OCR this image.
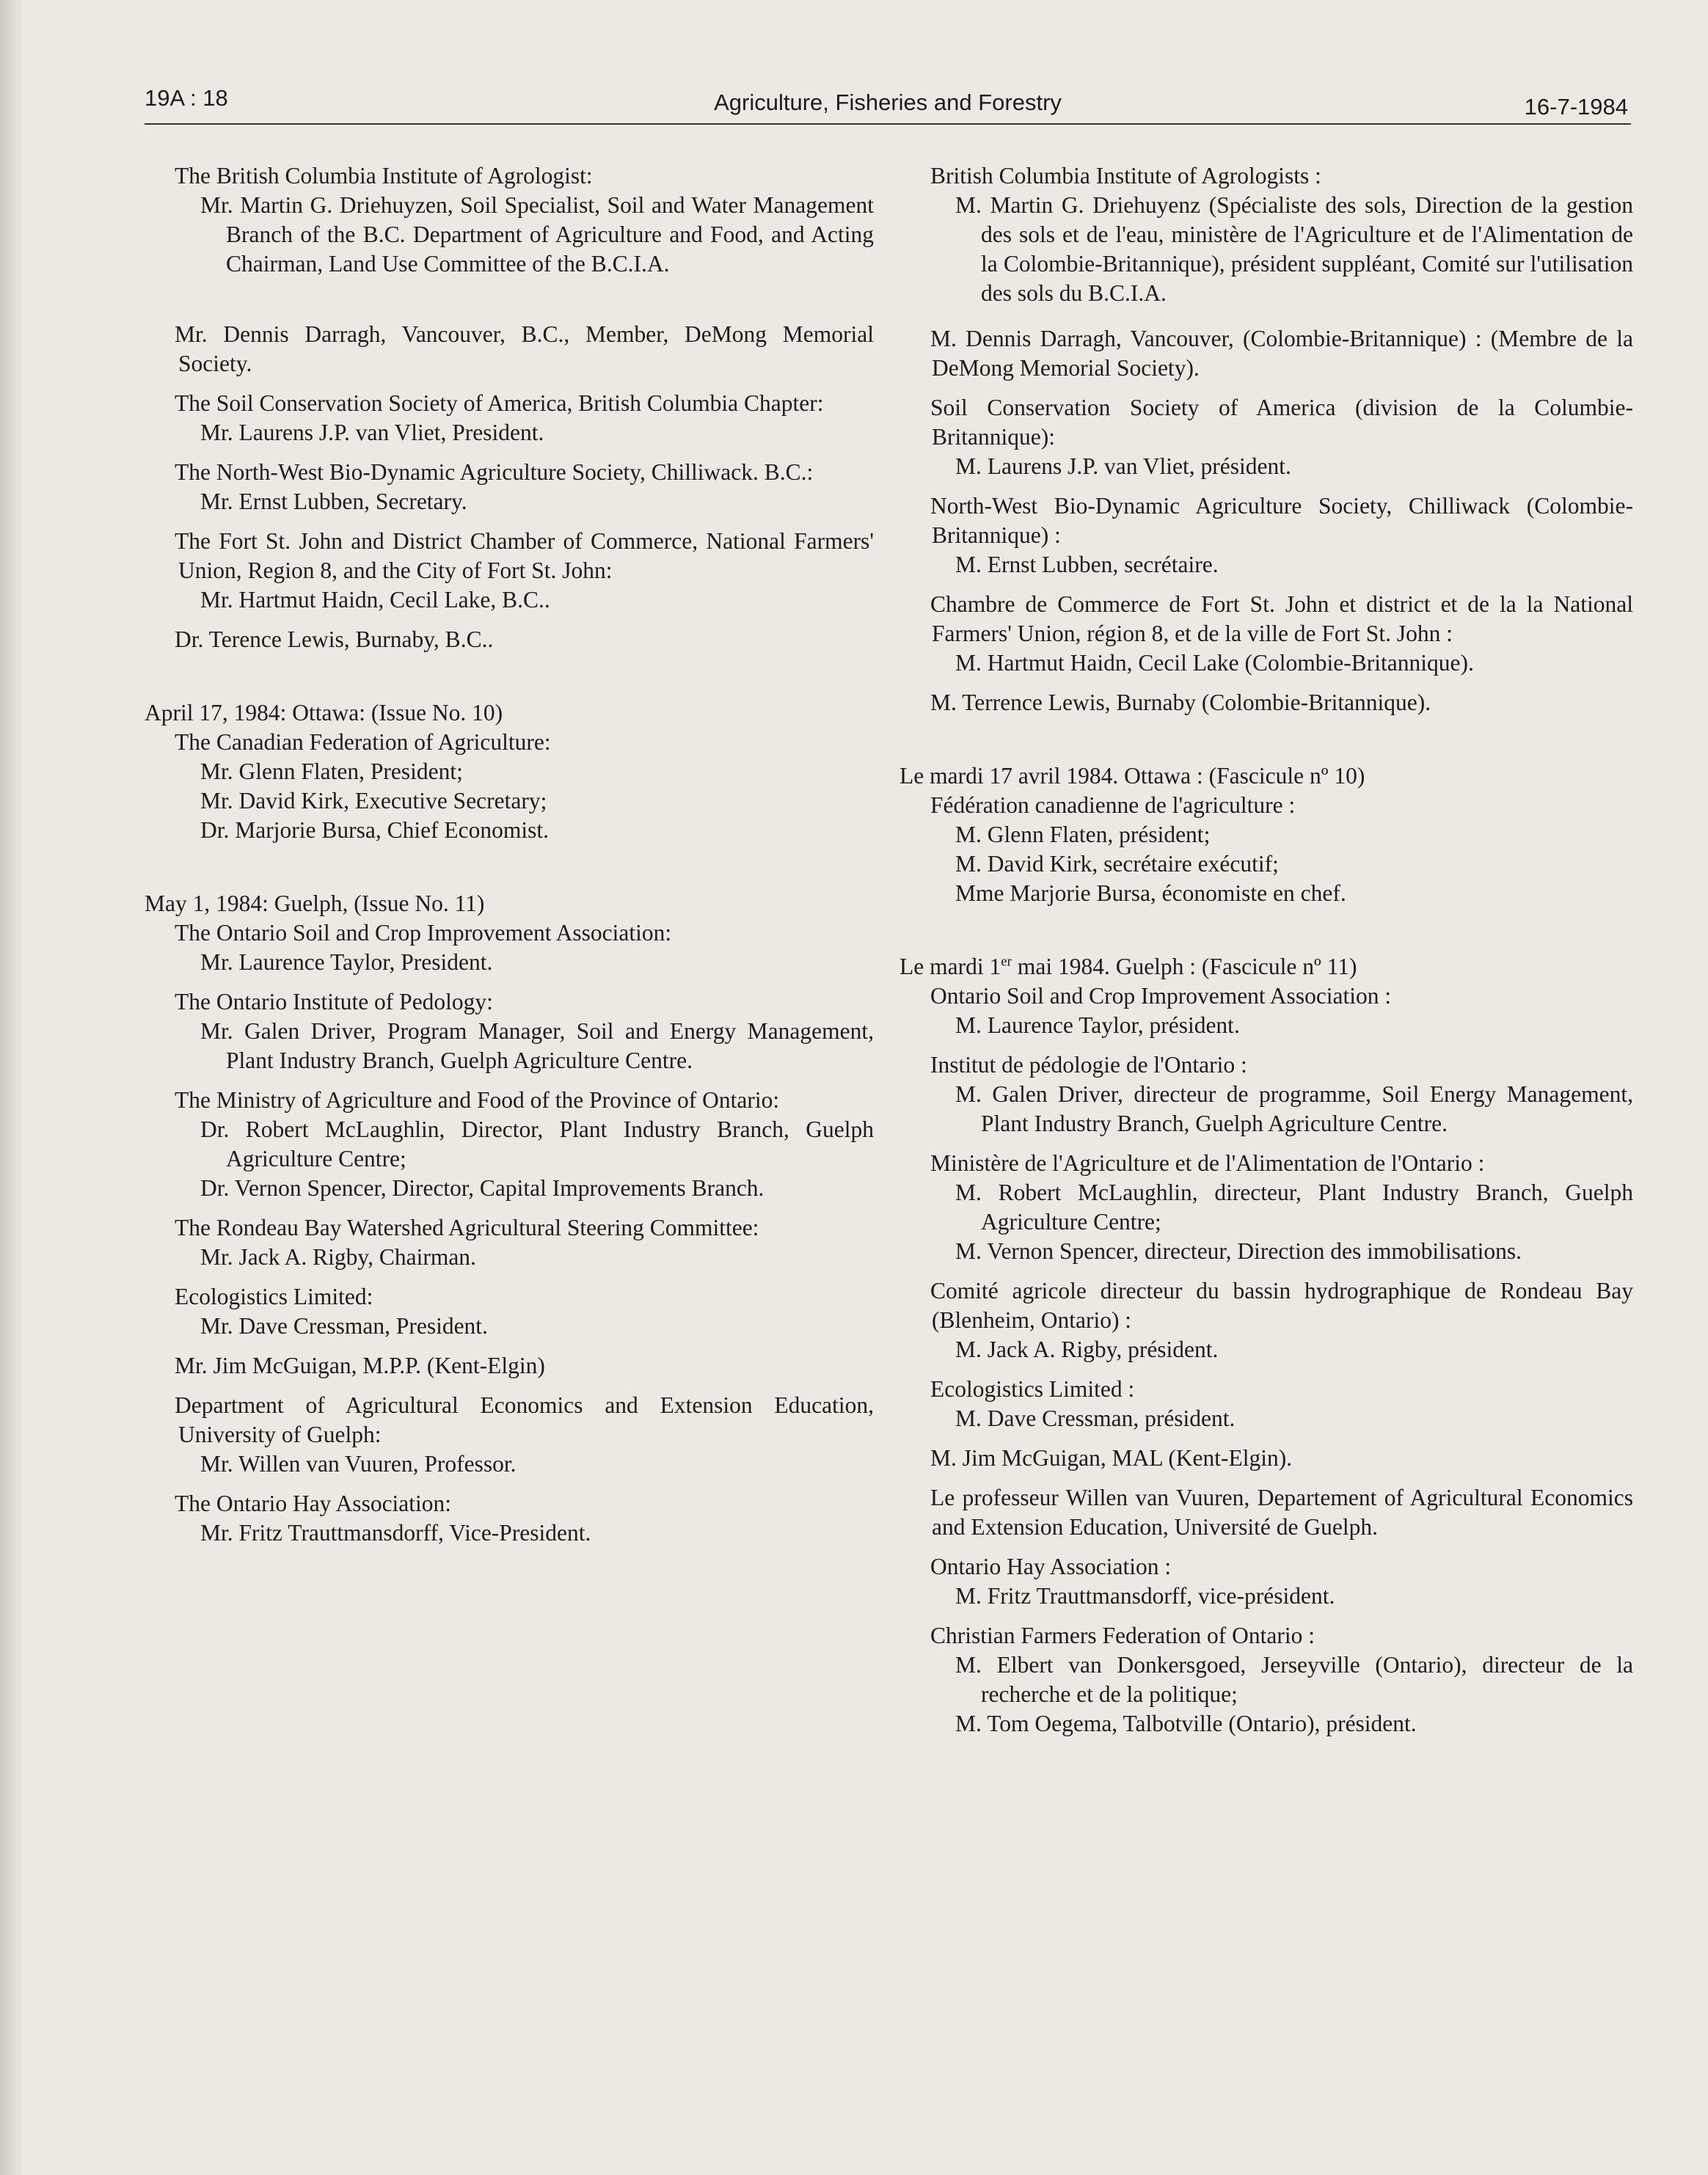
19A : 18	Agriculture, Fisheries and Forestry	16-7-1984
The British Columbia Institute of Agrologist:
Mr. Martin G. Driehuyzen, Soil Specialist, Soil and Water Management Branch of the B.C. Department of Agriculture and Food, and Acting Chairman, Land Use Committee of the B.C.I.A.
Mr. Dennis Darragh, Vancouver, B.C., Member, DeMong Memorial Society.
The Soil Conservation Society of America, British Columbia Chapter:
Mr. Laurens J.P. van Vliet, President.
The North-West Bio-Dynamic Agriculture Society, Chilliwack. B.C.:
Mr. Ernst Lubben, Secretary.
The Fort St. John and District Chamber of Commerce, National Farmers' Union, Region 8, and the City of Fort St. John:
Mr. Hartmut Haidn, Cecil Lake, B.C..
Dr. Terence Lewis, Burnaby, B.C..
April 17, 1984: Ottawa: (Issue No. 10)
The Canadian Federation of Agriculture:
Mr. Glenn Flaten, President;
Mr. David Kirk, Executive Secretary;
Dr. Marjorie Bursa, Chief Economist.
May 1, 1984: Guelph, (Issue No. 11)
The Ontario Soil and Crop Improvement Association:
Mr. Laurence Taylor, President.
The Ontario Institute of Pedology:
Mr. Galen Driver, Program Manager, Soil and Energy Management, Plant Industry Branch, Guelph Agriculture Centre.
The Ministry of Agriculture and Food of the Province of Ontario:
Dr. Robert McLaughlin, Director, Plant Industry Branch, Guelph Agriculture Centre;
Dr. Vernon Spencer, Director, Capital Improvements Branch.
The Rondeau Bay Watershed Agricultural Steering Committee:
Mr. Jack A. Rigby, Chairman.
Ecologistics Limited:
Mr. Dave Cressman, President.
Mr. Jim McGuigan, M.P.P. (Kent-Elgin)
Department of Agricultural Economics and Extension Education, University of Guelph:
Mr. Willen van Vuuren, Professor.
The Ontario Hay Association:
Mr. Fritz Trauttmansdorff, Vice-President.
British Columbia Institute of Agrologists :
M. Martin G. Driehuyenz (Spécialiste des sols, Direction de la gestion des sols et de l'eau, ministère de l'Agriculture et de l'Alimentation de la Colombie-Britannique), président suppléant, Comité sur l'utilisation des sols du B.C.I.A.
M. Dennis Darragh, Vancouver, (Colombie-Britannique) : (Membre de la DeMong Memorial Society).
Soil Conservation Society of America (division de la Columbie-Britannique):
M. Laurens J.P. van Vliet, président.
North-West Bio-Dynamic Agriculture Society, Chilliwack (Colombie-Britannique) :
M. Ernst Lubben, secrétaire.
Chambre de Commerce de Fort St. John et district et de la la National Farmers' Union, région 8, et de la ville de Fort St. John :
M. Hartmut Haidn, Cecil Lake (Colombie-Britannique).
M. Terrence Lewis, Burnaby (Colombie-Britannique).
Le mardi 17 avril 1984. Ottawa : (Fascicule nº 10)
Fédération canadienne de l'agriculture :
M. Glenn Flaten, président;
M. David Kirk, secrétaire exécutif;
Mme Marjorie Bursa, économiste en chef.
Le mardi 1er mai 1984. Guelph : (Fascicule nº 11)
Ontario Soil and Crop Improvement Association :
M. Laurence Taylor, président.
Institut de pédologie de l'Ontario :
M. Galen Driver, directeur de programme, Soil Energy Management, Plant Industry Branch, Guelph Agriculture Centre.
Ministère de l'Agriculture et de l'Alimentation de l'Ontario :
M. Robert McLaughlin, directeur, Plant Industry Branch, Guelph Agriculture Centre;
M. Vernon Spencer, directeur, Direction des immobilisations.
Comité agricole directeur du bassin hydrographique de Rondeau Bay (Blenheim, Ontario) :
M. Jack A. Rigby, président.
Ecologistics Limited :
M. Dave Cressman, président.
M. Jim McGuigan, MAL (Kent-Elgin).
Le professeur Willen van Vuuren, Departement of Agricultural Economics and Extension Education, Université de Guelph.
Ontario Hay Association :
M. Fritz Trauttmansdorff, vice-président.
Christian Farmers Federation of Ontario :
M. Elbert van Donkersgoed, Jerseyville (Ontario), directeur de la recherche et de la politique;
M. Tom Oegema, Talbotville (Ontario), président.
